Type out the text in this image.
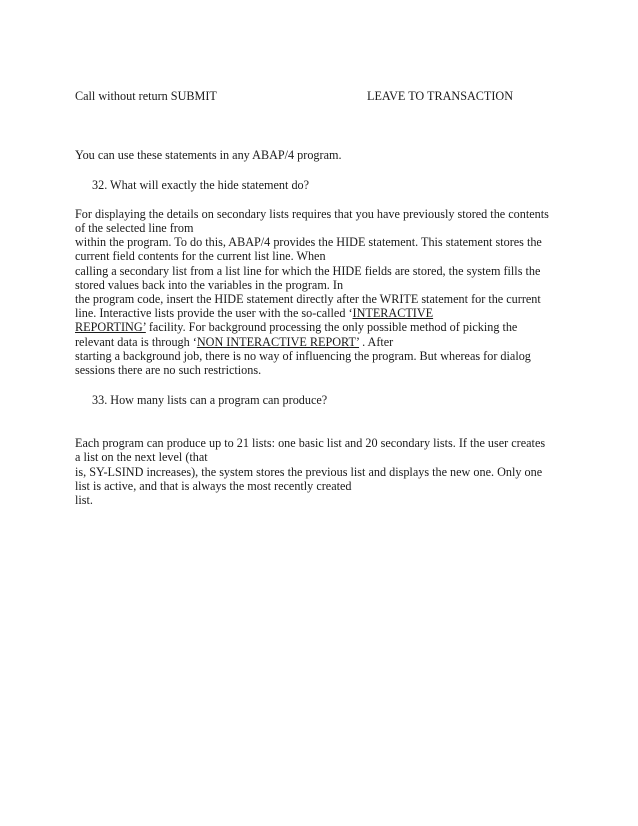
Call without return SUBMIT	LEAVE TO TRANSACTION
You can use these statements in any ABAP/4 program.
32. What will exactly the hide statement do?
For displaying the details on secondary lists requires that you have previously stored the contents
of the selected line from
within the program. To do this, ABAP/4 provides the HIDE statement. This statement stores the
current field contents for the current list line. When
calling a secondary list from a list line for which the HIDE fields are stored, the system fills the
stored values back into the variables in the program. In
the program code, insert the HIDE statement directly after the WRITE statement for the current
line. Interactive lists provide the user with the so-called ‘INTERACTIVE
REPORTING’ facility. For background processing the only possible method of picking the
relevant data is through ‘NON INTERACTIVE REPORT’ . After
starting a background job, there is no way of influencing the program. But whereas for dialog
sessions there are no such restrictions.
33. How many lists can a program can produce?
Each program can produce up to 21 lists: one basic list and 20 secondary lists. If the user creates
a list on the next level (that
is, SY-LSIND increases), the system stores the previous list and displays the new one. Only one
list is active, and that is always the most recently created
list.
